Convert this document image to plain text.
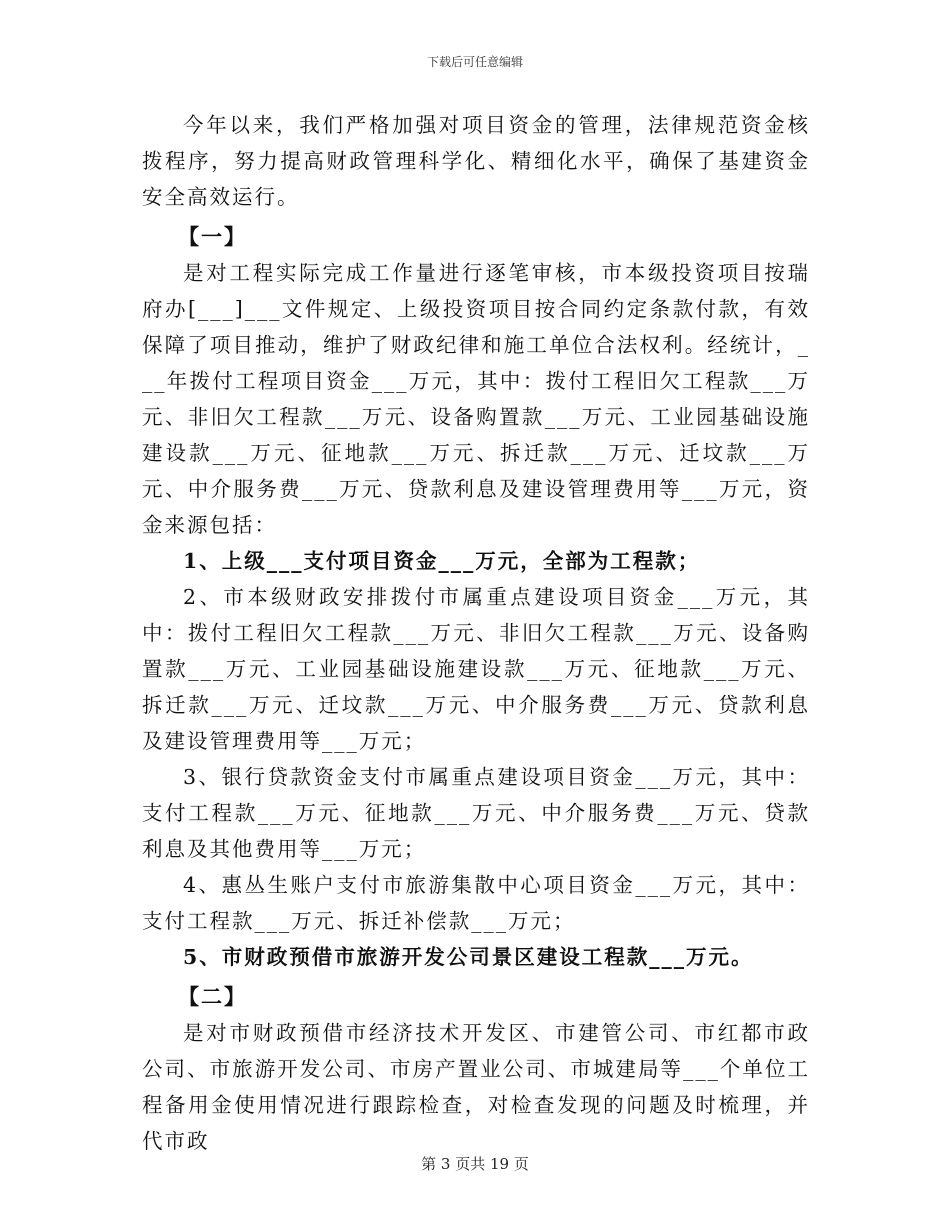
下载后可任意编辑

今年以来，我们严格加强对项目资金的管理，法律规范资金核拨程序，努力提高财政管理科学化、精细化水平，确保了基建资金安全高效运行。

【一】

是对工程实际完成工作量进行逐笔审核，市本级投资项目按瑞府办[___]___文件规定、上级投资项目按合同约定条款付款，有效保障了项目推动，维护了财政纪律和施工单位合法权利。经统计，___年拨付工程项目资金___万元，其中：拨付工程旧欠工程款___万元、非旧欠工程款___万元、设备购置款___万元、工业园基础设施建设款___万元、征地款___万元、拆迁款___万元、迁坟款___万元、中介服务费___万元、贷款利息及建设管理费用等___万元，资金来源包括：

1、上级___支付项目资金___万元，全部为工程款；

2、市本级财政安排拨付市属重点建设项目资金___万元，其中：拨付工程旧欠工程款___万元、非旧欠工程款___万元、设备购置款___万元、工业园基础设施建设款___万元、征地款___万元、拆迁款___万元、迁坟款___万元、中介服务费___万元、贷款利息及建设管理费用等___万元；

3、银行贷款资金支付市属重点建设项目资金___万元，其中：支付工程款___万元、征地款___万元、中介服务费___万元、贷款利息及其他费用等___万元；

4、惠丛生账户支付市旅游集散中心项目资金___万元，其中：支付工程款___万元、拆迁补偿款___万元；

5、市财政预借市旅游开发公司景区建设工程款___万元。

【二】

是对市财政预借市经济技术开发区、市建管公司、市红都市政公司、市旅游开发公司、市房产置业公司、市城建局等___个单位工程备用金使用情况进行跟踪检查，对检查发现的问题及时梳理，并代市政

第 3 页共 19 页
